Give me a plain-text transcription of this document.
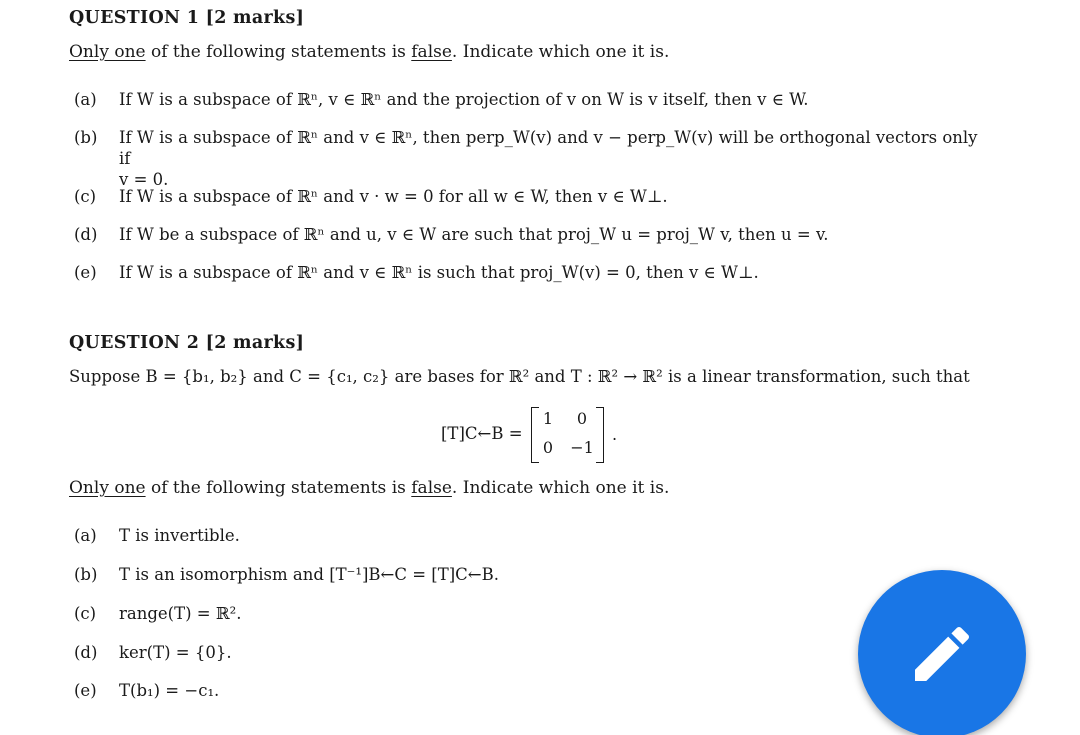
QUESTION 1 [2 marks]
Only one of the following statements is false. Indicate which one it is.
(a) If W is a subspace of ℝⁿ, v ∈ ℝⁿ and the projection of v on W is v itself, then v ∈ W.
(b) If W is a subspace of ℝⁿ and v ∈ ℝⁿ, then perp_W(v) and v − perp_W(v) will be orthogonal vectors only if
v = 0.
(c) If W is a subspace of ℝⁿ and v · w = 0 for all w ∈ W, then v ∈ W⊥.
(d) If W be a subspace of ℝⁿ and u, v ∈ W are such that proj_W u = proj_W v, then u = v.
(e) If W is a subspace of ℝⁿ and v ∈ ℝⁿ is such that proj_W(v) = 0, then v ∈ W⊥.
QUESTION 2 [2 marks]
Suppose B = {b₁, b₂} and C = {c₁, c₂} are bases for ℝ² and T : ℝ² → ℝ² is a linear transformation, such that
[T]C←B =
1	0
0	−1
.
Only one of the following statements is false. Indicate which one it is.
(a) T is invertible.
(b) T is an isomorphism and [T⁻¹]B←C = [T]C←B.
(c) range(T) = ℝ².
(d) ker(T) = {0}.
(e) T(b₁) = −c₁.
